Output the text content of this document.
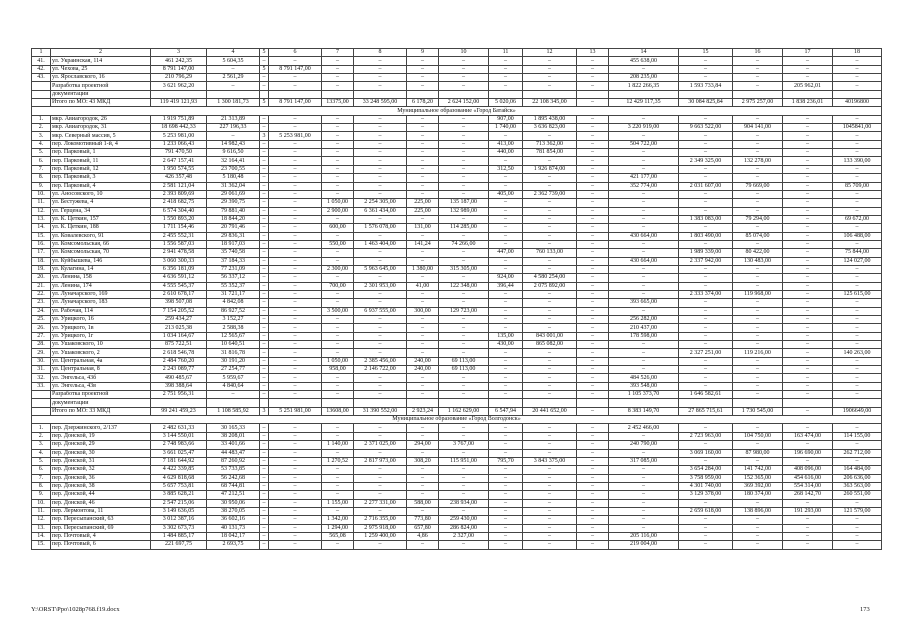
1	2	3	4	5	6	7	8	9	10	11	12	13	14	15	16	17	18
41.	ул. Украинская, 114	461 242,35	5 604,35	–	–	–	–	–	–	–	–	–	455 638,00	–	–	–	–
42.	ул. Чехова, 25	8 791 147,00	–	5	8 791 147,00	–	–	–	–	–	–	–	–	–	–	–	–
43.	ул. Ярославского, 16	210 796,29	2 561,29	–	–	–	–	–	–	–	–	–	208 235,00	–	–	–	–
	Разработка проектной	3 621 962,20	–	–	–	–	–	–	–	–	–	–	1 822 266,35	1 593 733,84	–	205 962,01	–
	документации																
	Итого по МО: 43 МКД	119 419 121,93	1 300 181,73	5	8 791 147,00	13375,00	33 248 595,00	6 178,20	2 624 152,00	5 020,06	22 108 345,00	–	12 429 117,35	30 084 825,84	2 975 257,00	1 838 236,01	40196800
Муниципальное образование «Город Батайск»																	
1.	мкр. Авиагородок, 26	1 919 751,89	21 313,89	–	–	–	–	–	–	907,00	1 895 438,00	–	–	–	–	–	–
2.	мкр. Авиагородок, 31	18 698 442,33	227 196,33	–	–	–	–	–	–	1 740,00	3 636 823,00	–	3 220 919,00	9 663 522,00	904 141,00	–	1045841,00
3.	мкр. Северный массив, 5	5 253 981,00	–	3	5 253 981,00	–	–	–	–	–	–	–	–	–	–	–	–
4.	пер. Локомотивный 1-й, 4	1 233 066,43	14 982,43	–	–	–	–	–	–	413,00	713 362,00	–	504 722,00	–	–	–	–
5.	пер. Парковый, 1	791 470,50	9 616,50	–	–	–	–	–	–	440,00	781 854,00	–	–	–	–	–	–
6.	пер. Парковый, 11	2 647 157,41	32 164,41	–	–	–	–	–	–	–	–	–	–	2 349 325,00	132 278,00	–	133 390,00
7.	пер. Парковый, 12	1 950 574,55	23 700,55	–	–	–	–	–	–	312,50	1 926 874,00	–	–	–	–	–	–
8.	пер. Парковый, 3	426 357,48	5 180,48	–	–	–	–	–	–	–	–	–	421 177,00	–	–	–	–
9.	пер. Парковый, 4	2 581 121,04	31 362,04	–	–	–	–	–	–	–	–	–	352 774,00	2 031 607,00	79 669,00	–	85 709,00
10.	ул. Аносовского, 10	2 393 809,69	29 061,69	–	–	–	–	–	–	405,00	2 362 739,00	–	–	–	–	–	–
11.	ул. Бестужева, 4	2 418 682,75	29 390,75	–	–	1 050,00	2 254 305,00	225,00	135 187,00	–	–	–	–	–	–	–	–
12.	ул. Герцена, 34	6 574 304,40	79 881,40	–	–	2 900,00	6 361 434,00	225,00	132 989,00	–	–	–	–	–	–	–	–
13.	ул. К. Цеткин, 157	1 550 893,20	18 844,20	–	–	–	–	–	–	–	–	–	–	1 383 083,00	79 294,00	–	69 672,00
14.	ул. К. Цеткин, 188	1 711 154,46	20 791,46	–	–	600,00	1 576 078,00	131,00	114 285,00	–	–	–	–	–	–	–	–
15.	ул. Ковалевского, 91	2 455 552,31	29 836,31	–	–	–	–	–	–	–	–	–	430 664,00	1 803 490,00	85 074,00	–	106 488,00
16.	ул. Комсомольская, 66	1 556 587,03	18 917,03	–	–	550,00	1 463 404,00	141,24	74 266,00	–	–	–	–	–	–	–	–
17.	ул. Комсомольская, 70	2 941 478,58	35 740,58	–	–	–	–	–	–	447,00	760 133,00	–	–	1 989 339,00	80 422,00	–	75 844,00
18.	ул. Куйбышева, 146	3 060 300,33	37 184,33	–	–	–	–	–	–	–	–	–	430 664,00	2 337 942,00	130 483,00	–	124 027,00
19.	ул. Кулагина, 14	6 356 181,09	77 231,09	–	–	2 300,00	5 963 645,00	1 380,00	315 305,00	–	–	–	–	–	–	–	–
20.	ул. Ленина, 158	4 636 591,12	56 337,12	–	–	–	–	–	–	924,00	4 580 254,00	–	–	–	–	–	–
21.	ул. Ленина, 174	4 555 545,37	55 352,37	–	–	700,00	2 301 953,00	41,00	122 348,00	396,44	2 075 892,00	–	–	–	–	–	–
22.	ул. Луначарского, 169	2 610 678,17	31 721,17	–	–	–	–	–	–	–	–	–	–	2 333 374,00	119 968,00	–	125 615,00
23.	ул. Луначарского, 183	398 507,08	4 842,08	–	–	–	–	–	–	–	–	–	393 665,00	–	–	–	–
24.	ул. Рабочая, 114	7 154 205,52	86 927,52	–	–	3 500,00	6 937 555,00	300,00	129 723,00	–	–	–	–	–	–	–	–
25.	ул. Урицкого, 16	259 434,27	3 152,27	–	–	–	–	–	–	–	–	–	256 282,00	–	–	–	–
26.	ул. Урицкого, 1в	213 025,38	2 588,38	–	–	–	–	–	–	–	–	–	210 437,00	–	–	–	–
27.	ул. Урицкого, 1г	1 034 164,67	12 565,67	–	–	–	–	–	–	135,00	843 001,00	–	178 598,00	–	–	–	–
28.	ул. Ушаковского, 10	875 722,51	10 640,51	–	–	–	–	–	–	430,00	865 082,00	–	–	–	–	–	–
29.	ул. Ушаковского, 2	2 618 546,78	31 816,78	–	–	–	–	–	–	–	–	–	–	2 327 251,00	119 216,00	–	140 263,00
30.	ул. Центральная, 4а	2 484 760,20	30 191,20	–	–	1 050,00	2 385 456,00	240,00	69 113,00	–	–	–	–	–	–	–	–
31.	ул. Центральная, 8	2 243 089,77	27 254,77	–	–	958,00	2 146 722,00	240,00	69 113,00	–	–	–	–	–	–	–	–
32.	ул. Энгельса, 43б	490 485,67	5 959,67	–	–	–	–	–	–	–	–	–	484 526,00	–	–	–	–
33.	ул. Энгельса, 43в	398 388,64	4 840,64	–	–	–	–	–	–	–	–	–	393 548,00	–	–	–	–
	Разработка проектной	2 751 956,31	–	–	–	–	–	–	–	–	–	–	1 105 373,70	1 646 582,61	–	–	–
	документации																
	Итого по МО: 33 МКД	99 241 459,23	1 108 585,92	3	5 251 981,00	13608,00	31 390 552,00	2 923,24	1 162 629,00	6 547,94	20 441 652,00	–	8 383 149,70	27 865 715,61	1 730 545,00	–	1906649,00
Муниципальное образование «Город Волгодонск»																	
1.	пер. Дзержинского, 2/137	2 482 631,33	30 165,33	–	–	–	–	–	–	–	–	–	2 452 466,00	–	–	–	–
2.	пер. Донской, 19	3 144 550,01	38 208,01	–	–	–	–	–	–	–	–	–	–	2 723 963,00	104 750,00	163 474,00	114 155,00
3.	пер. Донской, 29	2 748 983,66	33 401,66	–	–	1 140,00	2 371 025,00	294,00	3 767,00	–	–	–	240 790,00	–	–	–	–
4.	пер. Донской, 30	3 661 025,47	44 483,47	–	–	–	–	–	–	–	–	–	–	3 069 160,00	87 980,00	196 690,00	262 712,00
5.	пер. Донской, 31	7 181 644,92	87 260,92	–	–	1 270,52	2 817 973,00	308,20	115 951,00	795,70	3 843 375,00	–	317 085,00	–	–	–	–
6.	пер. Донской, 32	4 422 339,85	53 733,85	–	–	–	–	–	–	–	–	–	–	3 654 284,00	141 742,00	408 096,00	164 484,00
7.	пер. Донской, 36	4 629 818,68	56 242,68	–	–	–	–	–	–	–	–	–	–	3 758 959,00	152 365,00	454 616,00	206 636,00
8.	пер. Донской, 38	5 657 753,81	68 744,81	–	–	–	–	–	–	–	–	–	–	4 301 740,00	369 392,00	554 314,00	363 563,00
9.	пер. Донской, 44	3 885 628,21	47 212,51	–	–	–	–	–	–	–	–	–	–	3 129 378,00	180 374,00	268 142,70	260 551,00
10.	пер. Донской, 46	2 547 215,06	30 950,06	–	–	1 155,00	2 277 331,00	588,00	238 934,00	–	–	–	–	–	–	–	–
11.	пер. Лермонтова, 11	3 149 636,05	38 270,05	–	–	–	–	–	–	–	–	–	–	2 659 618,00	138 896,00	191 293,00	121 579,00
12.	пер. Пересыпанский, 63	3 012 387,16	36 602,16	–	–	1 342,00	2 716 355,00	773,80	259 430,00	–	–	–	–	–	–	–	–
13.	пер. Пересыпанский, 69	3 302 673,73	40 131,73	–	–	1 294,00	2 975 918,00	657,80	286 824,00	–	–	–	–	–	–	–	–
14.	пер. Почтовый, 4	1 484 885,17	18 042,17	–	–	565,08	1 259 400,00	4,86	2 327,00	–	–	–	205 116,00	–	–	–	–
15.	пер. Почтовый, 6	221 697,75	2 693,75	–	–	–	–	–	–	–	–	–	219 004,00	–	–	–	–
Y:\ORST\Ppo\1028p768.f19.docx	173
